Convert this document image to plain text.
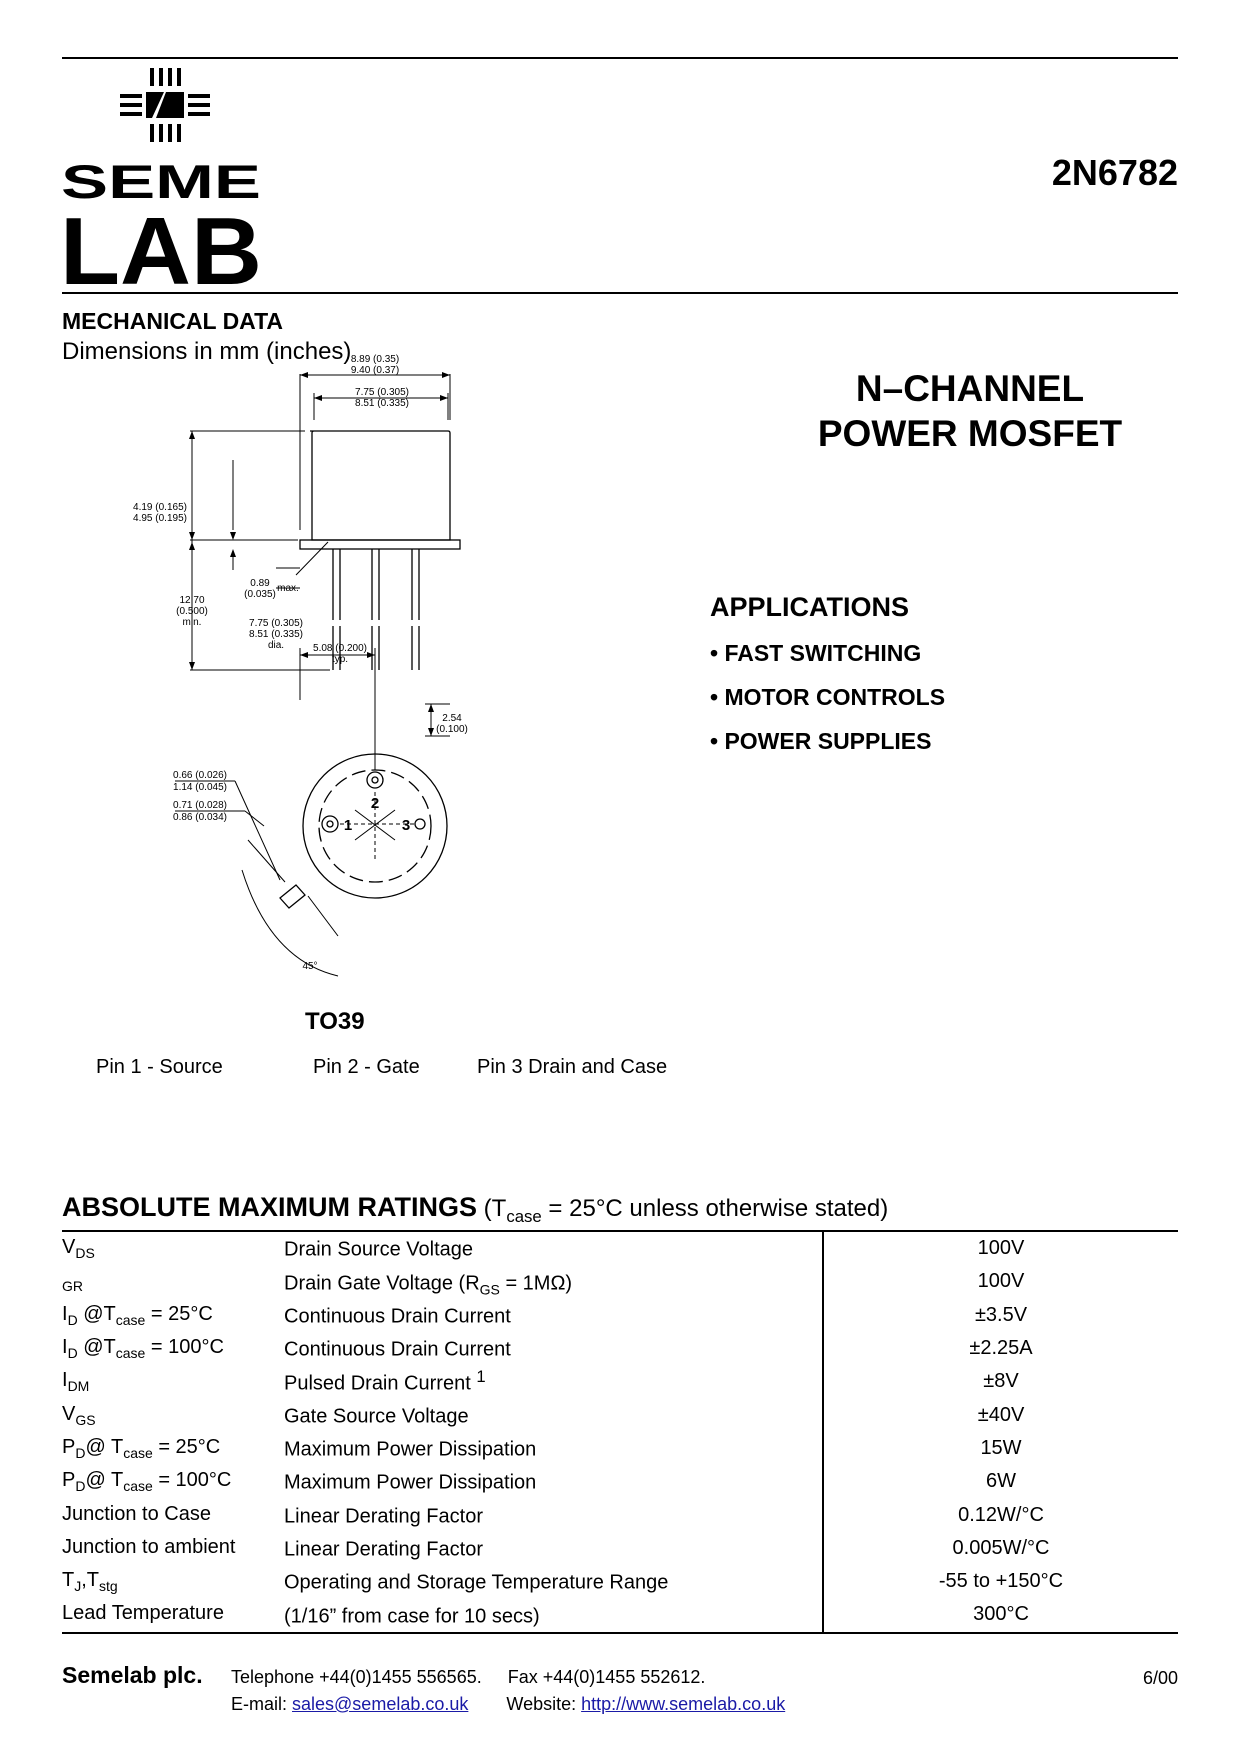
SEME
LAB
2N6782
MECHANICAL DATA
Dimensions in mm (inches)
N–CHANNEL
POWER MOSFET
APPLICATIONS
• FAST SWITCHING
• MOTOR CONTROLS
• POWER SUPPLIES
8.89 (0.35)
9.40 (0.37)
7.75 (0.305)
8.51 (0.335)
4.19 (0.165)
4.95 (0.195)
12.70
(0.500)
min.
0.89 max.
(0.035)
7.75 (0.305)
8.51 (0.335)
dia.	5.08 (0.200)
typ.
2.54
(0.100)
0.66 (0.026)
1.14 (0.045)
0.71 (0.028)
0.86 (0.034)
45°
2
1	3
TO39
Pin 1 - Source	Pin 2 - Gate	Pin 3 Drain and Case
ABSOLUTE MAXIMUM RATINGS ($T_{case} = 25^\circ C$ unless otherwise stated)
$V_{DS}$	Drain Source Voltage	100V
$_{GR}$	Drain Gate Voltage $(R_{GS} = 1M\Omega)$	100V
$I_D$ $@T_{case} = 25^\circ C$	Continuous Drain Current	±3.5V
$I_D$ $@T_{case} = 100^\circ C$	Continuous Drain Current	±2.25A
$I_{DM}$	Pulsed Drain Current $^1$	±8V
$V_{GS}$	Gate Source Voltage	±40V
$P_D@$ $T_{case} = 25^\circ C$	Maximum Power Dissipation	15W
$P_D@$ $T_{case} = 100^\circ C$	Maximum Power Dissipation	6W
Junction to Case	Linear Derating Factor	0.12W/°C
Junction to ambient	Linear Derating Factor	0.005W/°C
$T_J,T_{stg}$	Operating and Storage Temperature Range	-55 to +150°C
Lead Temperature	(1/16” from case for 10 secs)	300°C
Semelab plc. Telephone +44(0)1455 556565. Fax +44(0)1455 552612.
E-mail: sales@semelab.co.uk Website: http://www.semelab.co.uk
6/00
